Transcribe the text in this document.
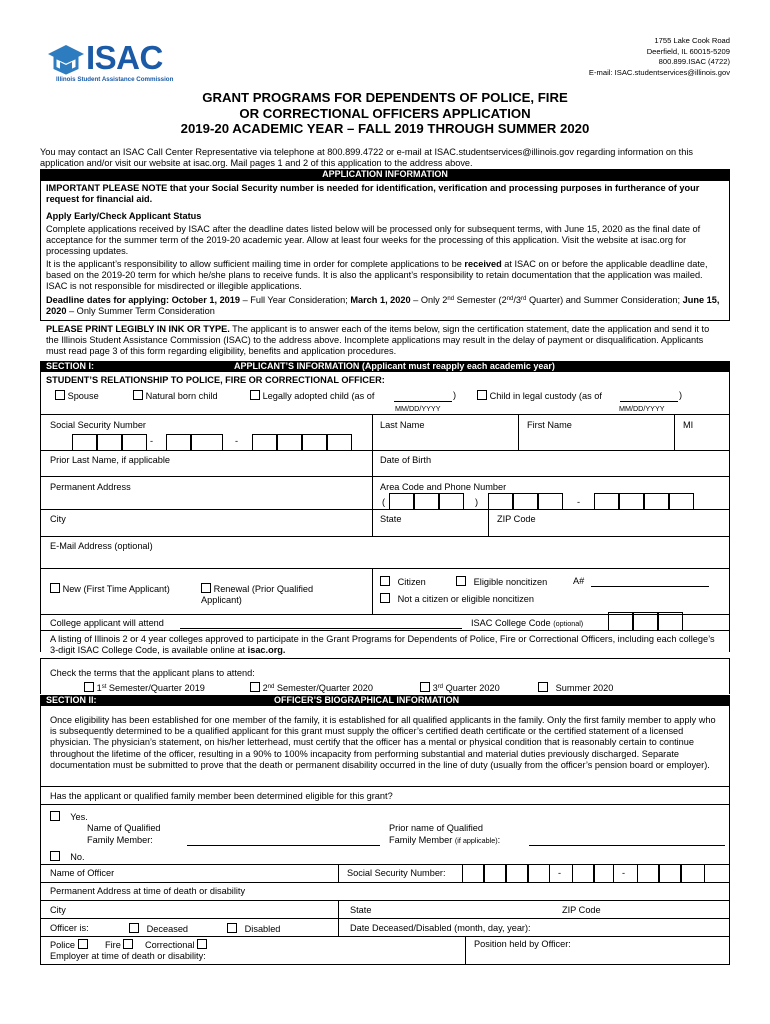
1755 Lake Cook Road
Deerfield, IL 60015-5209
800.899.ISAC (4722)
E-mail: ISAC.studentservices@illinois.gov
ISAC
Illinois Student Assistance Commission
GRANT PROGRAMS FOR DEPENDENTS OF POLICE, FIRE
OR CORRECTIONAL OFFICERS APPLICATION
2019-20 ACADEMIC YEAR – FALL 2019 THROUGH SUMMER 2020
You may contact an ISAC Call Center Representative via telephone at 800.899.4722 or e-mail at ISAC.studentservices@illinois.gov regarding information on this application and/or visit our website at isac.org. Mail pages 1 and 2 of this application to the address above.
APPLICATION INFORMATION
IMPORTANT PLEASE NOTE that your Social Security number is needed for identification, verification and processing purposes in furtherance of your request for financial aid.
Apply Early/Check Applicant Status
Complete applications received by ISAC after the deadline dates listed below will be processed only for subsequent terms, with June 15, 2020 as the final date of acceptance for the summer term of the 2019-20 academic year. Allow at least four weeks for the processing of this application. Visit the website at isac.org for processing updates.
It is the applicant’s responsibility to allow sufficient mailing time in order for complete applications to be received at ISAC on or before the applicable deadline date, based on the 2019-20 term for which he/she plans to receive funds. It is also the applicant’s responsibility to retain documentation that the application was mailed. ISAC is not responsible for misdirected or illegible applications.
Deadline dates for applying: October 1, 2019 – Full Year Consideration; March 1, 2020 – Only 2nd Semester (2nd/3rd Quarter) and Summer Consideration; June 15, 2020 – Only Summer Term Consideration
PLEASE PRINT LEGIBLY IN INK OR TYPE. The applicant is to answer each of the items below, sign the certification statement, date the application and send it to the Illinois Student Assistance Commission (ISAC) to the address above. Incomplete applications may result in the delay of payment or disqualification. Applicants must read page 3 of this form regarding eligibility, benefits and application procedures.
SECTION I:	APPLICANT’S INFORMATION (Applicant must reapply each academic year)
STUDENT’S RELATIONSHIP TO POLICE, FIRE OR CORRECTIONAL OFFICER:
Spouse	Natural born child	Legally adopted child (as of	)
MM/DD/YYYY
Child in legal custody (as of	)
MM/DD/YYYY
Social Security Number	Last Name	First Name	MI
-	-
Prior Last Name, if applicable	Date of Birth
Permanent Address	Area Code and Phone Number
(	)	-
City	State	ZIP Code
E-Mail Address (optional)
New (First Time Applicant)	Renewal (Prior Qualified Applicant)
Citizen	Eligible noncitizen	A#
Not a citizen or eligible noncitizen
College applicant will attend	ISAC College Code (optional)
A listing of Illinois 2 or 4 year colleges approved to participate in the Grant Programs for Dependents of Police, Fire or Correctional Officers, including each college’s 3-digit ISAC College Code, is available online at isac.org.
Check the terms that the applicant plans to attend:
1st Semester/Quarter 2019	2nd Semester/Quarter 2020	3rd Quarter 2020	Summer 2020
SECTION II:	OFFICER’S BIOGRAPHICAL INFORMATION
Once eligibility has been established for one member of the family, it is established for all qualified applicants in the family. Only the first family member to apply who is subsequently determined to be a qualified applicant for this grant must supply the officer’s certified death certificate or the certified statement of a licensed physician. The physician’s statement, on his/her letterhead, must certify that the officer has a mental or physical condition that is reasonably certain to continue throughout the lifetime of the officer, resulting in a 90% to 100% incapacity from performing substantial and material duties previously discharged. Separate documentation must be submitted to prove that the death or permanent disability occurred in the line of duty (usually from the officer’s pension board or employer).
Has the applicant or qualified family member been determined eligible for this grant?
Yes.
Name of Qualified
Family Member:
Prior name of Qualified
Family Member (if applicable):
No.
Name of Officer	Social Security Number:	-	-
Permanent Address at time of death or disability
City	State	ZIP Code
Officer is:	Deceased	Disabled	Date Deceased/Disabled (month, day, year):
Police	Fire	Correctional	Position held by Officer:
Employer at time of death or disability:
